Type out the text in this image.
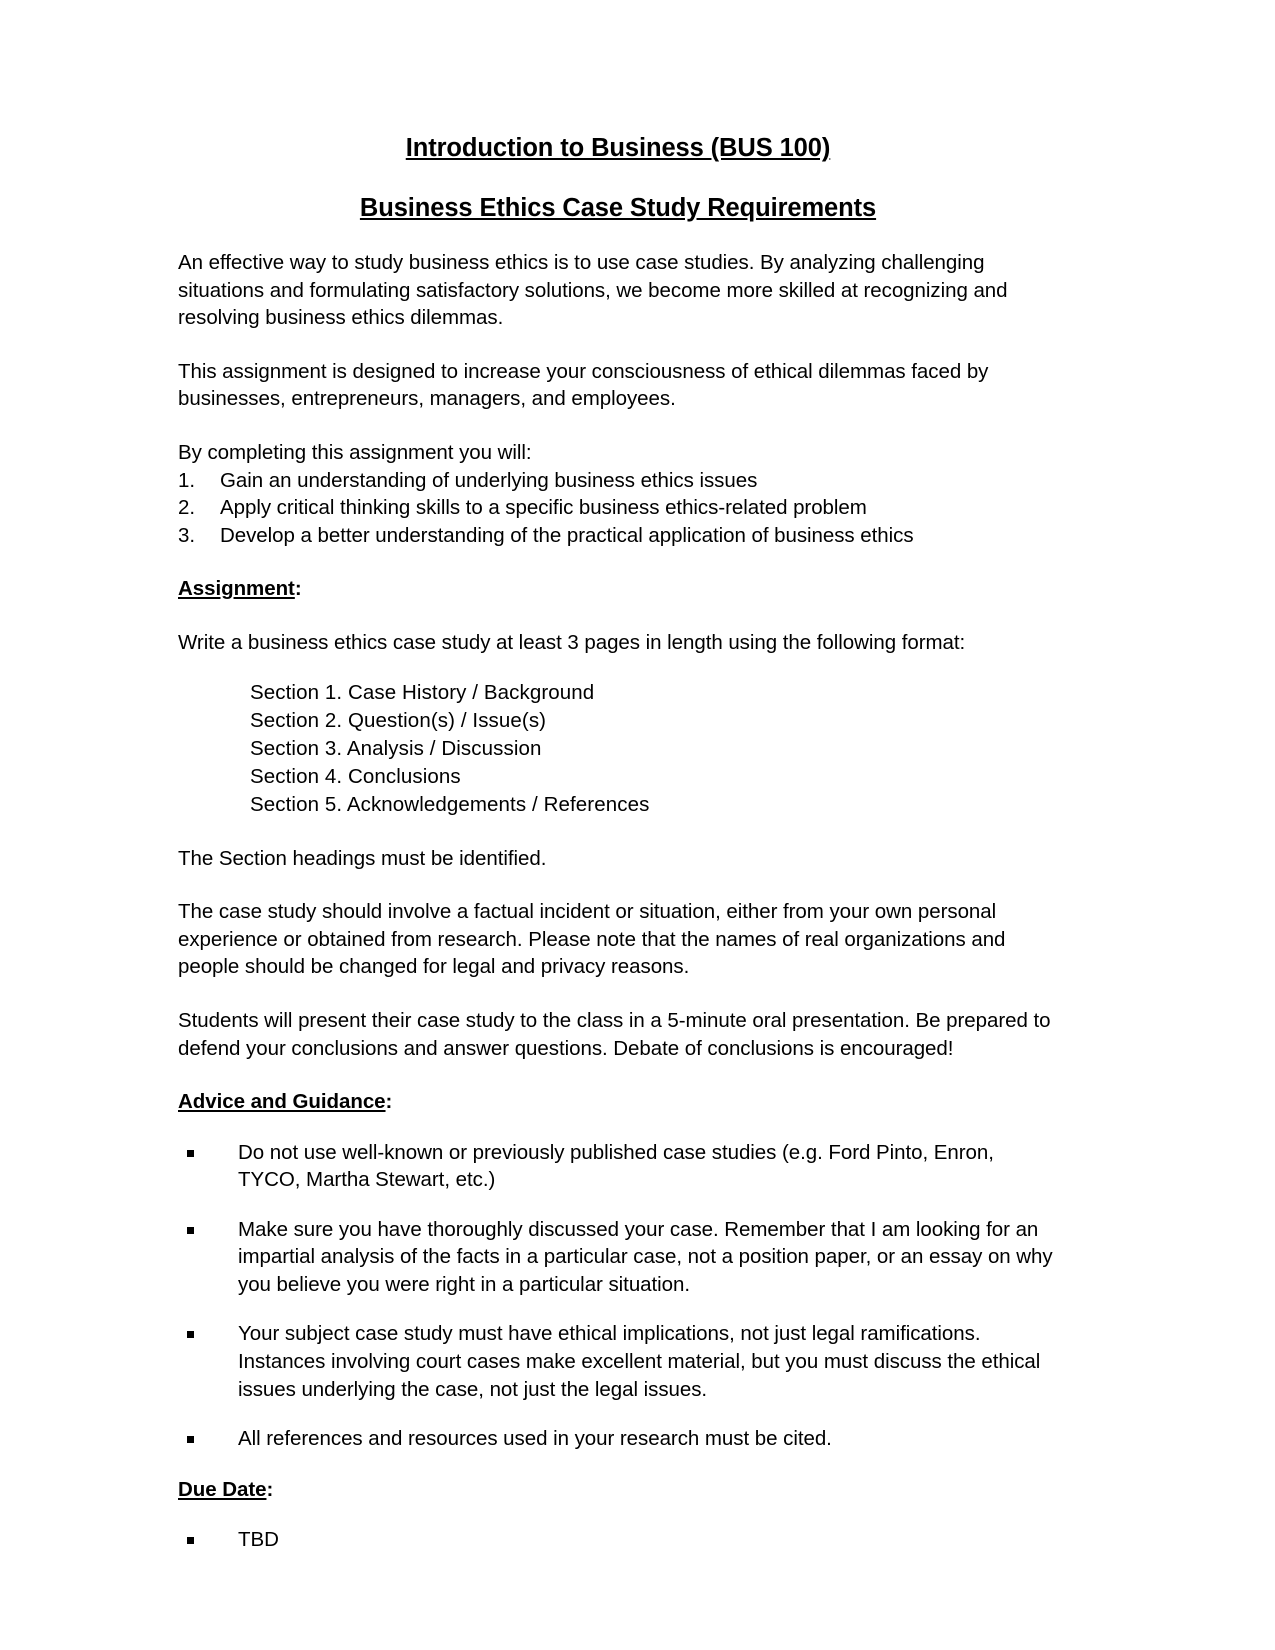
Introduction to Business (BUS 100)
Business Ethics Case Study Requirements

An effective way to study business ethics is to use case studies. By analyzing challenging situations and formulating satisfactory solutions, we become more skilled at recognizing and resolving business ethics dilemmas.

This assignment is designed to increase your consciousness of ethical dilemmas faced by businesses, entrepreneurs, managers, and employees.

By completing this assignment you will:

1. Gain an understanding of underlying business ethics issues
2. Apply critical thinking skills to a specific business ethics-related problem
3. Develop a better understanding of the practical application of business ethics

Assignment:

Write a business ethics case study at least 3 pages in length using the following format:

Section 1. Case History / Background
Section 2. Question(s) / Issue(s)
Section 3. Analysis / Discussion
Section 4. Conclusions
Section 5. Acknowledgements / References

The Section headings must be identified.

The case study should involve a factual incident or situation, either from your own personal experience or obtained from research. Please note that the names of real organizations and people should be changed for legal and privacy reasons.

Students will present their case study to the class in a 5-minute oral presentation. Be prepared to defend your conclusions and answer questions. Debate of conclusions is encouraged!

Advice and Guidance:

Do not use well-known or previously published case studies (e.g. Ford Pinto, Enron, TYCO, Martha Stewart, etc.)
Make sure you have thoroughly discussed your case. Remember that I am looking for an impartial analysis of the facts in a particular case, not a position paper, or an essay on why you believe you were right in a particular situation.
Your subject case study must have ethical implications, not just legal ramifications. Instances involving court cases make excellent material, but you must discuss the ethical issues underlying the case, not just the legal issues.
All references and resources used in your research must be cited.

Due Date:

TBD
